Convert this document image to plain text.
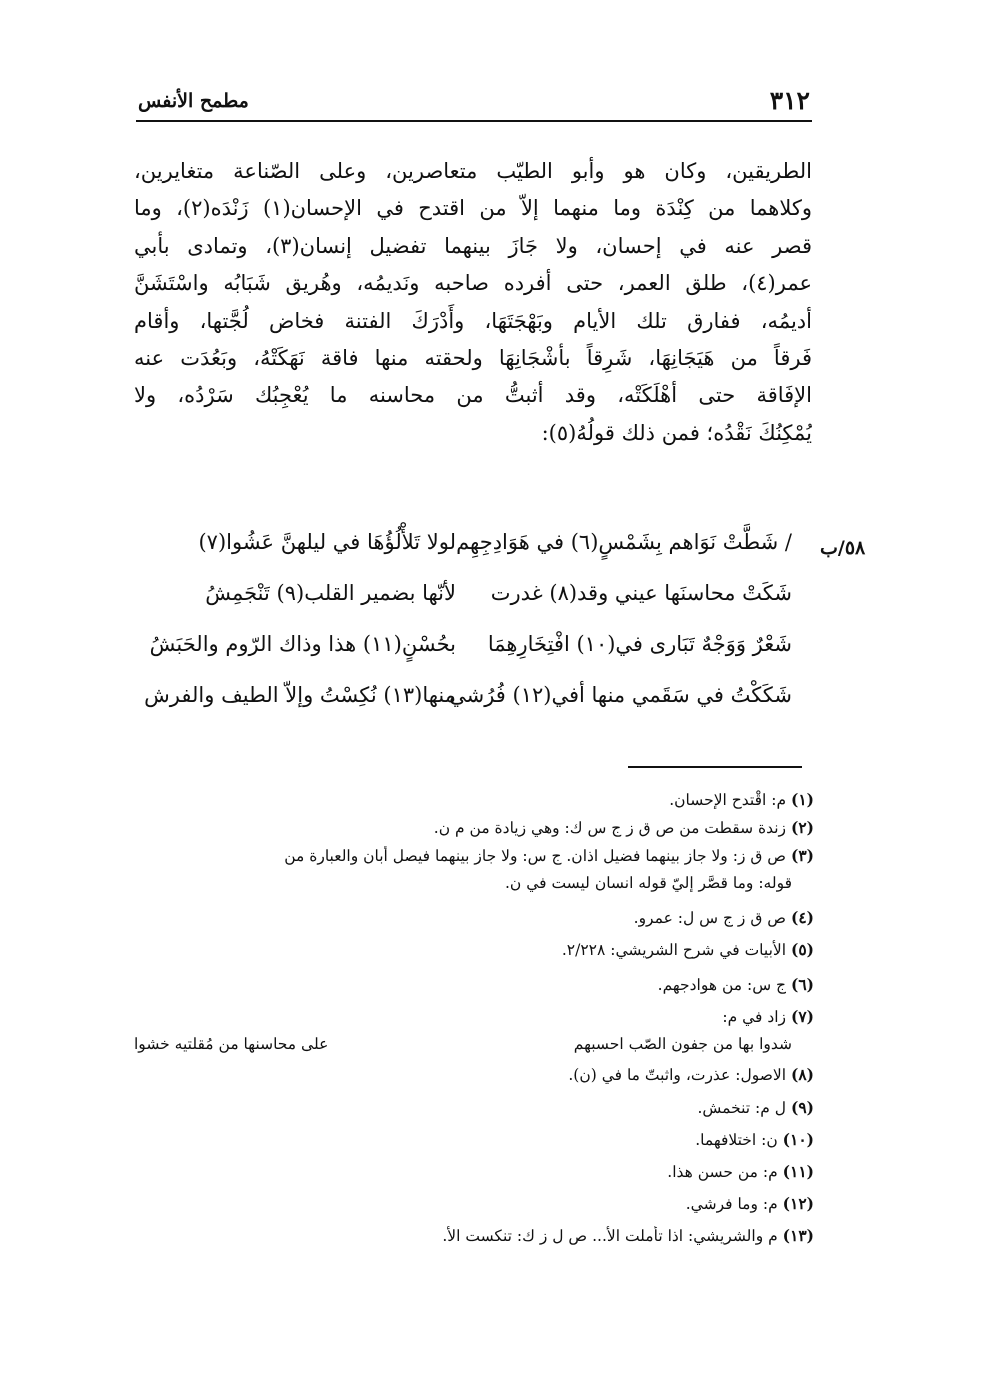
٣١٢
مطمح الأنفس
الطريقين، وكان هو وأبو الطيّب متعاصرين، وعلى الصّناعة متغايرين،
وكلاهما من كِنْدَة وما منهما إلاّ من اقتدح في الإحسان(١) زَنْدَه(٢)، وما
قصر عنه في إحسان، ولا جَازَ بينهما تفضيل إنسان(٣)، وتمادى بأبي
عمر(٤)، طلق العمر، حتى أفرده صاحبه ونَديمُه، وهُريق شَبَابُه واسْتَشَنَّ
أديمُه، ففارق تلك الأيام وبَهْجَتَهَا، وأَدْرَكَ الفتنة فخاض لُجَّتها، وأقام
فَرقاً من هَيَجَانِهَا، شَرِقاً بأشْجَانِهَا ولحقته منها فاقة نَهَكَتْهُ، وبَعُدَت عنه
الإفَاقة حتى أهْلَكَتْه، وقد أثبتُّ من محاسنه ما يُعْجِبُك سَرْدُه، ولا
يُمْكِنُكَ نَقْدُه؛ فمن ذلك قولُهُ(٥):
٥٨/ب
/ شَطَّتْ نَوَاهم بِشَمْسٍ(٦) في هَوَادِجِهِم
لولا تَلأْلُؤُهَا في ليلهنَّ عَشُوا(٧)
شَكَتْ محاسنَها عيني وقد(٨) غدرت
لأنّها بضمير القلب(٩) تَنْجَمِشُ
شَعْرٌ وَوَجْهٌ تَبَارى في(١٠) افْتِخَارِهِمَا
بحُسْنٍ(١١) هذا وذاك الرّوم والحَبَشُ
شَكَكْتُ في سَقَمي منها أفي(١٢) فُرُشي
منها(١٣) نُكِسْتُ وإلاّ الطيف والفرش
(١) م: اقْتدح الإحسان.
(٢) زندة سقطت من ص ق ز ج س ك: وهي زيادة من م ن.
(٣) ص ق ز: ولا جاز بينهما فضيل اذان. ج س: ولا جاز بينهما فيصل أبان والعبارة من
قوله: وما قصَّر إليّ قوله انسان ليست في ن.
(٤) ص ق ز ج س ل: عمرو.
(٥) الأبيات في شرح الشريشي: ٢/٢٢٨.
(٦) ج س: من هوادجهم.
(٧) زاد في م:
شدوا بها من جفون الصّب احسبهم
على محاسنها من مُقلتيه خشوا
(٨) الاصول: عذرت، واثبتّ ما في (ن).
(٩) ل م: تنخمش.
(١٠) ن: اختلافهما.
(١١) م: من حسن هذا.
(١٢) م: وما فرشي.
(١٣) م والشريشي: اذا تأملت الأ... ص ل ز ك: تنكست الأ.
